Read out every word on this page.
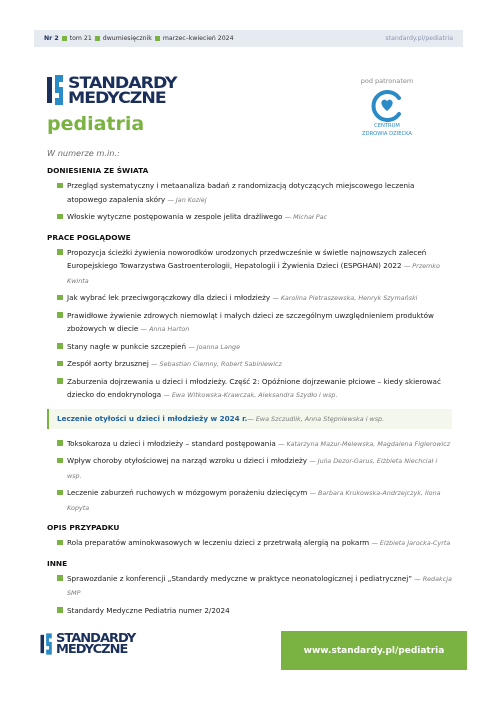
Nr 2 tom 21 dwumiesięcznik marzec–kwiecień 2024	standardy.pl/pediatria
STANDARDY
MEDYCZNE
pediatria
pod patronatem
CENTRUM
ZDROWIA DZIECKA
W numerze m.in.:
DONIESIENIA ZE ŚWIATA
Przegląd systematyczny i metaanaliza badań z randomizacją dotyczących miejscowego leczenia atopowego zapalenia skóry — Jan Koziej
Włoskie wytyczne postępowania w zespole jelita drażliwego — Michał Pac
PRACE POGLĄDOWE
Propozycja ścieżki żywienia noworodków urodzonych przedwcześnie w świetle najnowszych zaleceń Europejskiego Towarzystwa Gastroenterologii, Hepatologii i Żywienia Dzieci (ESPGHAN) 2022 — Przemko Kwinta
Jak wybrać lek przeciwgorączkowy dla dzieci i młodzieży — Karolina Pietraszewska, Henryk Szymański
Prawidłowe żywienie zdrowych niemowląt i małych dzieci ze szczególnym uwzględnieniem produktów zbożowych w diecie — Anna Harton
Stany nagłe w punkcie szczepień — Joanna Lange
Zespół aorty brzusznej — Sebastian Ciemny, Robert Sabiniewicz
Zaburzenia dojrzewania u dzieci i młodzieży. Część 2: Opóźnione dojrzewanie płciowe – kiedy skierować dziecko do endokrynologa — Ewa Witkowska-Krawczak, Aleksandra Szydło i wsp.
Leczenie otyłości u dzieci i młodzieży w 2024 r.— Ewa Szczudlik, Anna Stępniewska i wsp.
Toksokaroza u dzieci i młodzieży – standard postępowania — Katarzyna Mazur-Melewska, Magdalena Figlerowicz
Wpływ choroby otyłościowej na narząd wzroku u dzieci i młodzieży — Julia Dezor-Garus, Elżbieta Niechciał i wsp.
Leczenie zaburzeń ruchowych w mózgowym porażeniu dziecięcym — Barbara Krukowska-Andrzejczyk, Ilona Kopyta
OPIS PRZYPADKU
Rola preparatów aminokwasowych w leczeniu dzieci z przetrwałą alergią na pokarm — Elżbieta Jarocka-Cyrta
INNE
Sprawozdanie z konferencji „Standardy medyczne w praktyce neonatologicznej i pediatrycznej” — Redakcja SMP
Standardy Medyczne Pediatria numer 2/2024
STANDARDY
MEDYCZNE	www.standardy.pl/pediatria
